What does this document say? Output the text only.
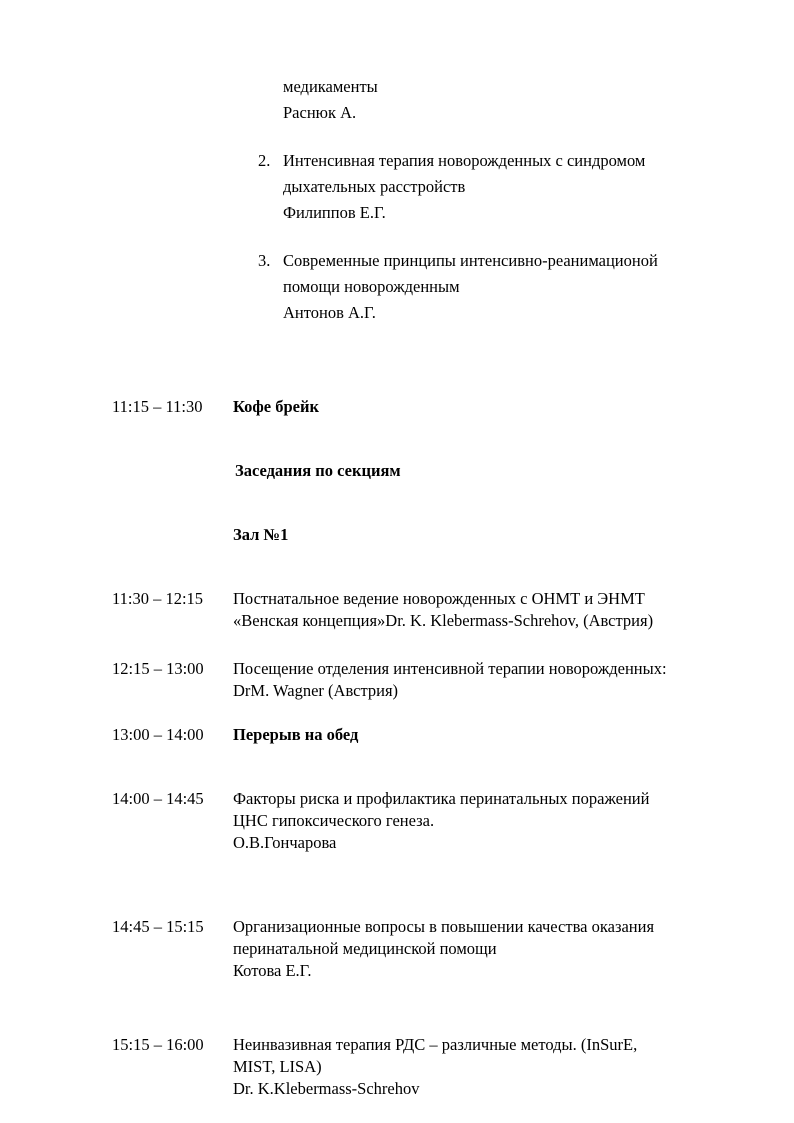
медикаменты
Раснюк А.
2. Интенсивная терапия новорожденных с синдромом
дыхательных расстройств
Филиппов Е.Г.
3. Современные принципы интенсивно-реанимационой
помощи новорожденным
Антонов А.Г.
11:15 – 11:30	Кофе брейк
Заседания по секциям
Зал №1
11:30 – 12:15	Постнатальное ведение новорожденных с ОНМТ и ЭНМТ
«Венская концепция»Dr. K. Klebermass-Schrehov, (Австрия)
12:15 – 13:00	Посещение отделения интенсивной терапии новорожденных:
DrM. Wagner (Австрия)
13:00 – 14:00	Перерыв на обед
14:00 – 14:45	Факторы риска и профилактика перинатальных поражений
ЦНС гипоксического генеза.
О.В.Гончарова
14:45 – 15:15	Организационные вопросы в повышении качества оказания
перинатальной медицинской помощи
Котова Е.Г.
15:15 – 16:00	Неинвазивная терапия РДС – различные методы. (InSurE,
MIST, LISA)
Dr. K.Klebermass-Schrehov
